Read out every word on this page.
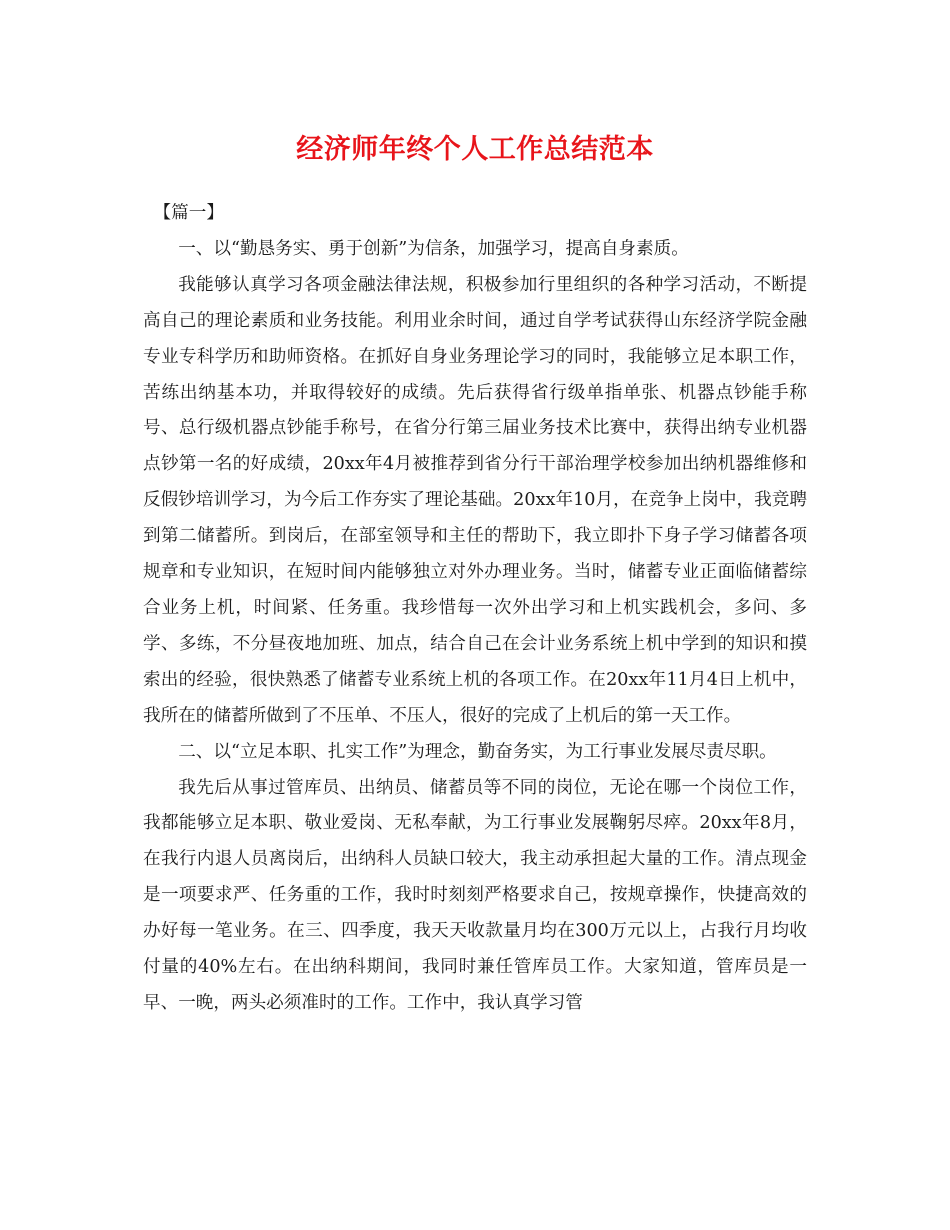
经济师年终个人工作总结范本

【篇一】

一、以“勤恳务实、勇于创新”为信条，加强学习，提高自身素质。

我能够认真学习各项金融法律法规，积极参加行里组织的各种学习活动，不断提高自己的理论素质和业务技能。利用业余时间，通过自学考试获得山东经济学院金融专业专科学历和助师资格。在抓好自身业务理论学习的同时，我能够立足本职工作，苦练出纳基本功，并取得较好的成绩。先后获得省行级单指单张、机器点钞能手称号、总行级机器点钞能手称号，在省分行第三届业务技术比赛中，获得出纳专业机器点钞第一名的好成绩，20xx年4月被推荐到省分行干部治理学校参加出纳机器维修和反假钞培训学习，为今后工作夯实了理论基础。20xx年10月，在竞争上岗中，我竞聘到第二储蓄所。到岗后，在部室领导和主任的帮助下，我立即扑下身子学习储蓄各项规章和专业知识，在短时间内能够独立对外办理业务。当时，储蓄专业正面临储蓄综合业务上机，时间紧、任务重。我珍惜每一次外出学习和上机实践机会，多问、多学、多练，不分昼夜地加班、加点，结合自己在会计业务系统上机中学到的知识和摸索出的经验，很快熟悉了储蓄专业系统上机的各项工作。在20xx年11月4日上机中，我所在的储蓄所做到了不压单、不压人，很好的完成了上机后的第一天工作。

二、以“立足本职、扎实工作”为理念，勤奋务实，为工行事业发展尽责尽职。

我先后从事过管库员、出纳员、储蓄员等不同的岗位，无论在哪一个岗位工作，我都能够立足本职、敬业爱岗、无私奉献，为工行事业发展鞠躬尽瘁。20xx年8月，在我行内退人员离岗后，出纳科人员缺口较大，我主动承担起大量的工作。清点现金是一项要求严、任务重的工作，我时时刻刻严格要求自己，按规章操作，快捷高效的办好每一笔业务。在三、四季度，我天天收款量月均在300万元以上，占我行月均收付量的40%左右。在出纳科期间，我同时兼任管库员工作。大家知道，管库员是一早、一晚，两头必须准时的工作。工作中，我认真学习管
